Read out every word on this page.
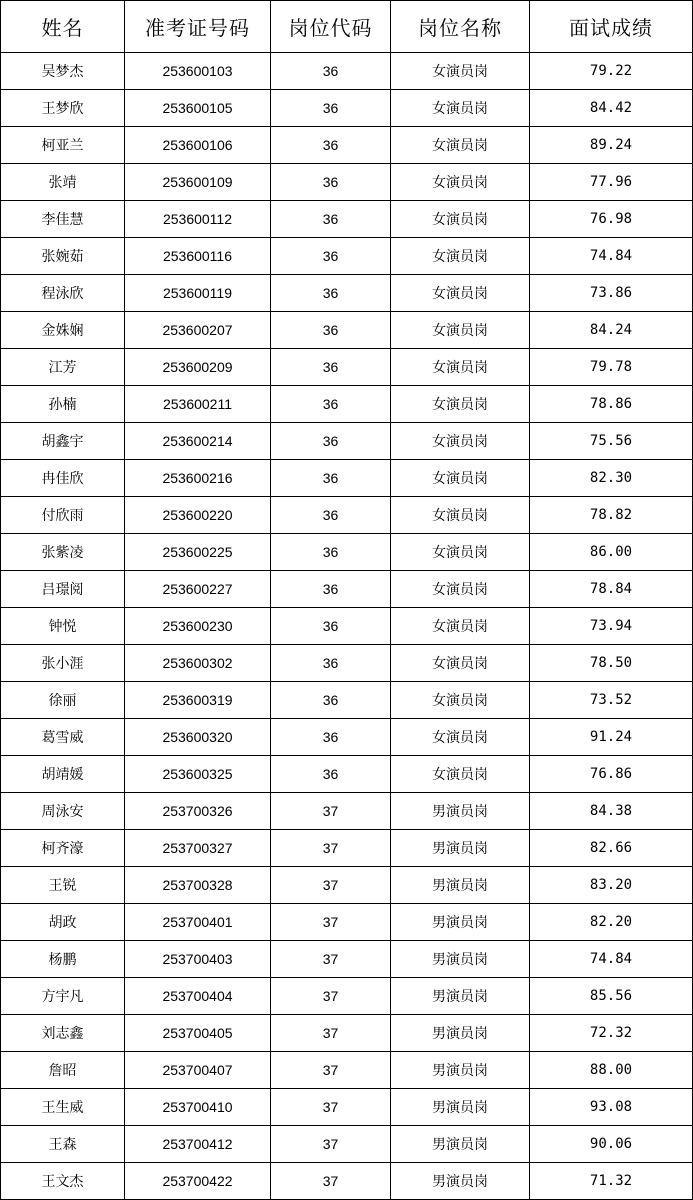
姓名	准考证号码	岗位代码	岗位名称	面试成绩
吴梦杰	253600103	36	女演员岗	79.22
王梦欣	253600105	36	女演员岗	84.42
柯亚兰	253600106	36	女演员岗	89.24
张靖	253600109	36	女演员岗	77.96
李佳慧	253600112	36	女演员岗	76.98
张婉茹	253600116	36	女演员岗	74.84
程泳欣	253600119	36	女演员岗	73.86
金姝娴	253600207	36	女演员岗	84.24
江芳	253600209	36	女演员岗	79.78
孙楠	253600211	36	女演员岗	78.86
胡鑫宇	253600214	36	女演员岗	75.56
冉佳欣	253600216	36	女演员岗	82.30
付欣雨	253600220	36	女演员岗	78.82
张紫凌	253600225	36	女演员岗	86.00
吕璟阅	253600227	36	女演员岗	78.84
钟悦	253600230	36	女演员岗	73.94
张小涯	253600302	36	女演员岗	78.50
徐丽	253600319	36	女演员岗	73.52
葛雪威	253600320	36	女演员岗	91.24
胡靖媛	253600325	36	女演员岗	76.86
周泳安	253700326	37	男演员岗	84.38
柯齐濠	253700327	37	男演员岗	82.66
王锐	253700328	37	男演员岗	83.20
胡政	253700401	37	男演员岗	82.20
杨鹏	253700403	37	男演员岗	74.84
方宇凡	253700404	37	男演员岗	85.56
刘志鑫	253700405	37	男演员岗	72.32
詹昭	253700407	37	男演员岗	88.00
王生威	253700410	37	男演员岗	93.08
王森	253700412	37	男演员岗	90.06
王文杰	253700422	37	男演员岗	71.32
